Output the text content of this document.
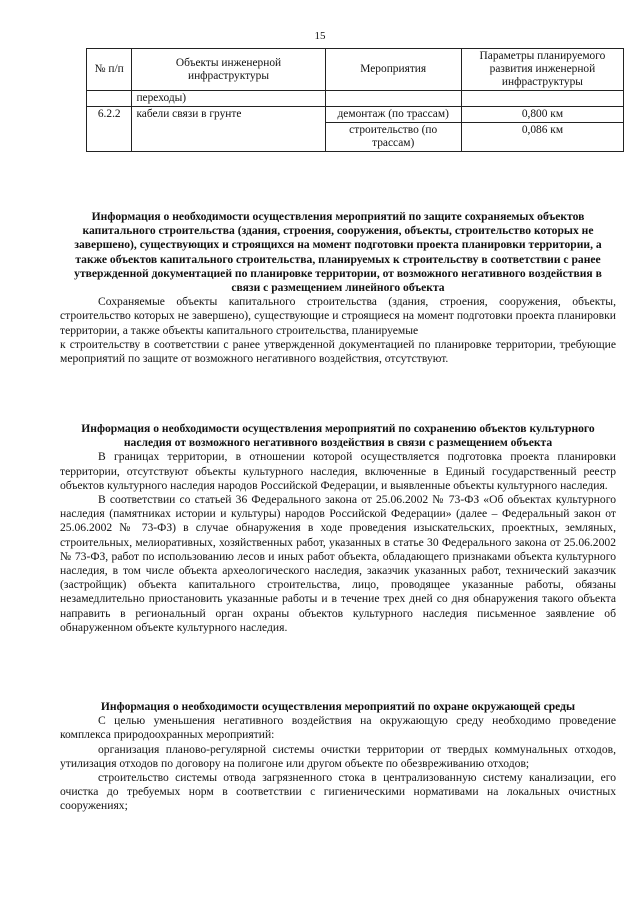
15
№ п/п	Объекты инженерной инфраструктуры	Мероприятия	Параметры планируемого развития инженерной инфраструктуры
	переходы)		
6.2.2	кабели связи в грунте	демонтаж (по трассам)	0,800 км
		строительство (по трассам)	0,086 км
Информация о необходимости осуществления мероприятий по защите сохраняемых объектов капитального строительства (здания, строения, сооружения, объекты, строительство которых не завершено), существующих и строящихся на момент подготовки проекта планировки территории, а также объектов капитального строительства, планируемых к строительству в соответствии с ранее утвержденной документацией по планировке территории, от возможного негативного воздействия в связи с размещением линейного объекта

Сохраняемые объекты капитального строительства (здания, строения, сооружения, объекты, строительство которых не завершено), существующие и строящиеся на момент подготовки проекта планировки территории, а также объекты капитального строительства, планируемые

к строительству в соответствии с ранее утвержденной документацией по планировке территории, требующие мероприятий по защите от возможного негативного воздействия, отсутствуют.

Информация о необходимости осуществления мероприятий по сохранению объектов культурного наследия от возможного негативного воздействия в связи с размещением объекта

В границах территории, в отношении которой осуществляется подготовка проекта планировки территории, отсутствуют объекты культурного наследия, включенные в Единый государственный реестр объектов культурного наследия народов Российской Федерации, и выявленные объекты культурного наследия.

В соответствии со статьей 36 Федерального закона от 25.06.2002 № 73-ФЗ «Об объектах культурного наследия (памятниках истории и культуры) народов Российской Федерации» (далее – Федеральный закон от 25.06.2002 № 73-ФЗ) в случае обнаружения в ходе проведения изыскательских, проектных, земляных, строительных, мелиоративных, хозяйственных работ, указанных в статье 30 Федерального закона от 25.06.2002 № 73-ФЗ, работ по использованию лесов и иных работ объекта, обладающего признаками объекта культурного наследия, в том числе объекта археологического наследия, заказчик указанных работ, технический заказчик (застройщик) объекта капитального строительства, лицо, проводящее указанные работы, обязаны незамедлительно приостановить указанные работы и в течение трех дней со дня обнаружения такого объекта направить в региональный орган охраны объектов культурного наследия письменное заявление об обнаруженном объекте культурного наследия.

Информация о необходимости осуществления мероприятий по охране окружающей среды

С целью уменьшения негативного воздействия на окружающую среду необходимо проведение комплекса природоохранных мероприятий:

организация планово-регулярной системы очистки территории от твердых коммунальных отходов, утилизация отходов по договору на полигоне или другом объекте по обезвреживанию отходов;

строительство системы отвода загрязненного стока в централизованную систему канализации, его очистка до требуемых норм в соответствии с гигиеническими нормативами на локальных очистных сооружениях;
